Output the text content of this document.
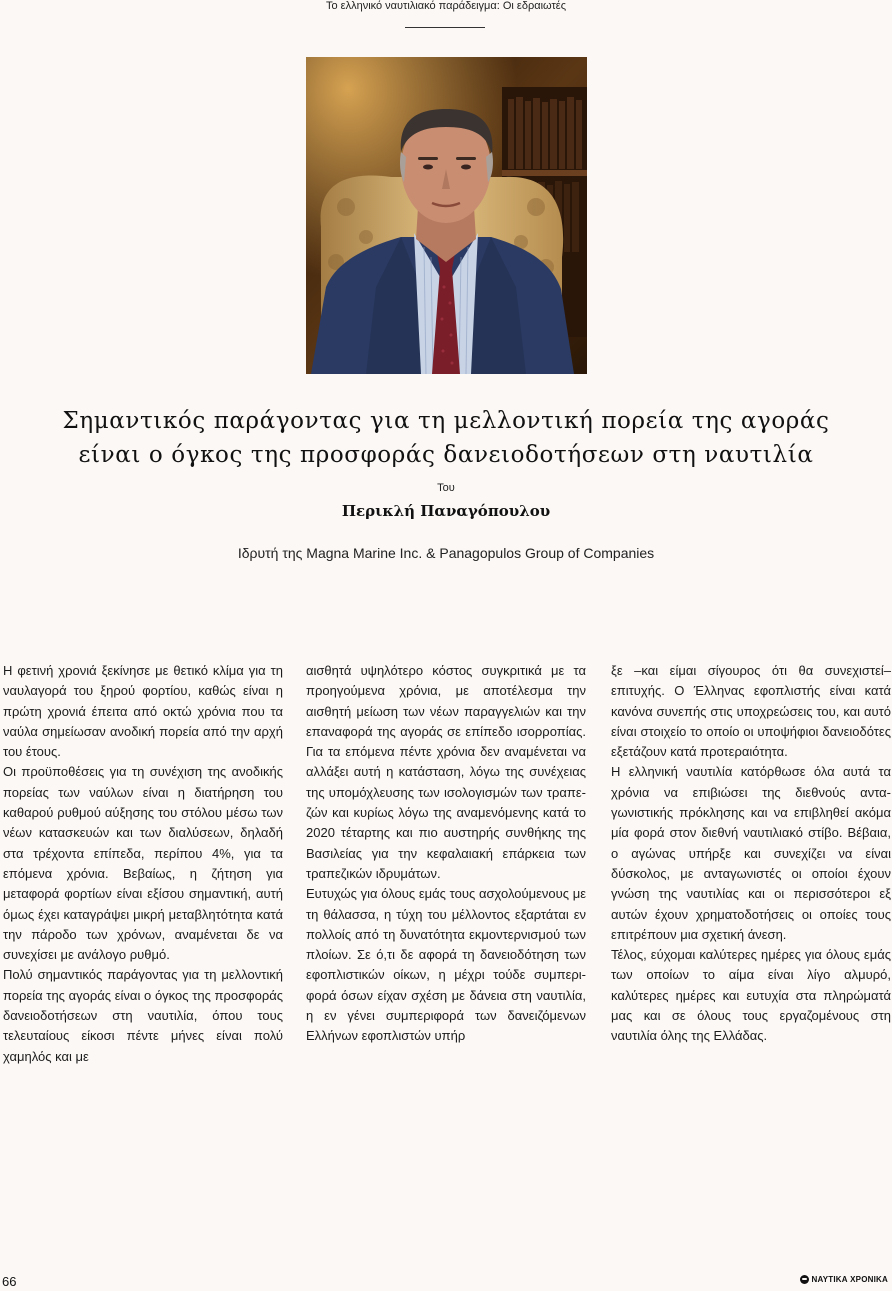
Το ελληνικό ναυτιλιακό παράδειγμα: Οι εδραιωτές
Σημαντικός παράγοντας για τη μελλοντική πορεία της αγοράς
είναι ο όγκος της προσφοράς δανειοδοτήσεων στη ναυτιλία
Του
Περικλή Παναγόπουλου
Ιδρυτή της Magna Marine Inc. & Panagopulos Group of Companies

Η φετινή χρονιά ξεκίνησε με θετικό κλίμα για τη ναυλαγορά του ξηρού φορτίου, καθώς είναι η πρώτη χρονιά έπειτα από οκτώ χρόνια που τα ναύλα σημείωσαν ανοδική πορεία από την αρχή του έτους.

Οι προϋποθέσεις για τη συνέχιση της ανοδικής πορείας των ναύλων είναι η διατήρηση του καθαρού ρυθμού αύξησης του στόλου μέσω των νέων κατασκευών και των διαλύσεων, δηλαδή στα τρέχοντα επίπεδα, περίπου 4%, για τα επόμενα χρόνια. Βεβαίως, η ζήτηση για μεταφορά φορτίων είναι εξίσου σημαντική, αυτή όμως έχει καταγράψει μικρή μεταβλητότητα κατά την πάροδο των χρόνων, αναμένεται δε να συνεχίσει με ανάλογο ρυθμό.

Πολύ σημαντικός παράγοντας για τη μελλοντική πορεία της αγοράς είναι ο όγκος της προσφοράς δανειοδοτήσεων στη ναυτιλία, όπου τους τελευταίους είκοσι πέντε μήνες είναι πολύ χαμηλός και με

αισθητά υψηλότερο κόστος συγκριτικά με τα προηγούμενα χρόνια, με αποτέλεσμα την αισθητή μείωση των νέων παραγγελιών και την επαναφορά της αγοράς σε επίπεδο ισορροπίας. Για τα επόμενα πέντε χρόνια δεν αναμένεται να αλλάξει αυτή η κατάσταση, λόγω της συνέχειας της υπομόχλευσης των ισολογισμών των τραπεζών και κυρίως λόγω της αναμενόμενης κατά το 2020 τέταρτης και πιο αυστηρής συνθήκης της Βασιλείας για την κεφαλαιακή επάρκεια των τραπεζικών ιδρυμάτων.

Ευτυχώς για όλους εμάς τους ασχολούμενους με τη θάλασσα, η τύχη του μέλλοντος εξαρτάται εν πολλοίς από τη δυνατότητα εκμοντερνισμού των πλοίων. Σε ό,τι δε αφορά τη δανειοδότηση των εφοπλιστικών οίκων, η μέχρι τούδε συμπεριφορά όσων είχαν σχέση με δάνεια στη ναυτιλία, η εν γένει συμπεριφορά των δανειζόμενων Ελλήνων εφοπλιστών υπήρ

ξε –και είμαι σίγουρος ότι θα συνεχιστεί– επιτυχής. Ο Έλληνας εφοπλιστής είναι κατά κανόνα συνεπής στις υποχρεώσεις του, και αυτό είναι στοιχείο το οποίο οι υποψήφιοι δανειοδότες εξετάζουν κατά προτεραιότητα.

Η ελληνική ναυτιλία κατόρθωσε όλα αυτά τα χρόνια να επιβιώσει της διεθνούς ανταγωνιστικής πρόκλησης και να επιβληθεί ακόμα μία φορά στον διεθνή ναυτιλιακό στίβο. Βέβαια, ο αγώνας υπήρξε και συνεχίζει να είναι δύσκολος, με ανταγωνιστές οι οποίοι έχουν γνώση της ναυτιλίας και οι περισσότεροι εξ αυτών έχουν χρηματοδοτήσεις οι οποίες τους επιτρέπουν μια σχετική άνεση.

Τέλος, εύχομαι καλύτερες ημέρες για όλους εμάς των οποίων το αίμα είναι λίγο αλμυρό, καλύτερες ημέρες και ευτυχία στα πληρώματά μας και σε όλους τους εργαζομένους στη ναυτιλία όλης της Ελλάδας.

66	ΝΑΥΤΙΚΑ ΧΡΟΝΙΚΑ
